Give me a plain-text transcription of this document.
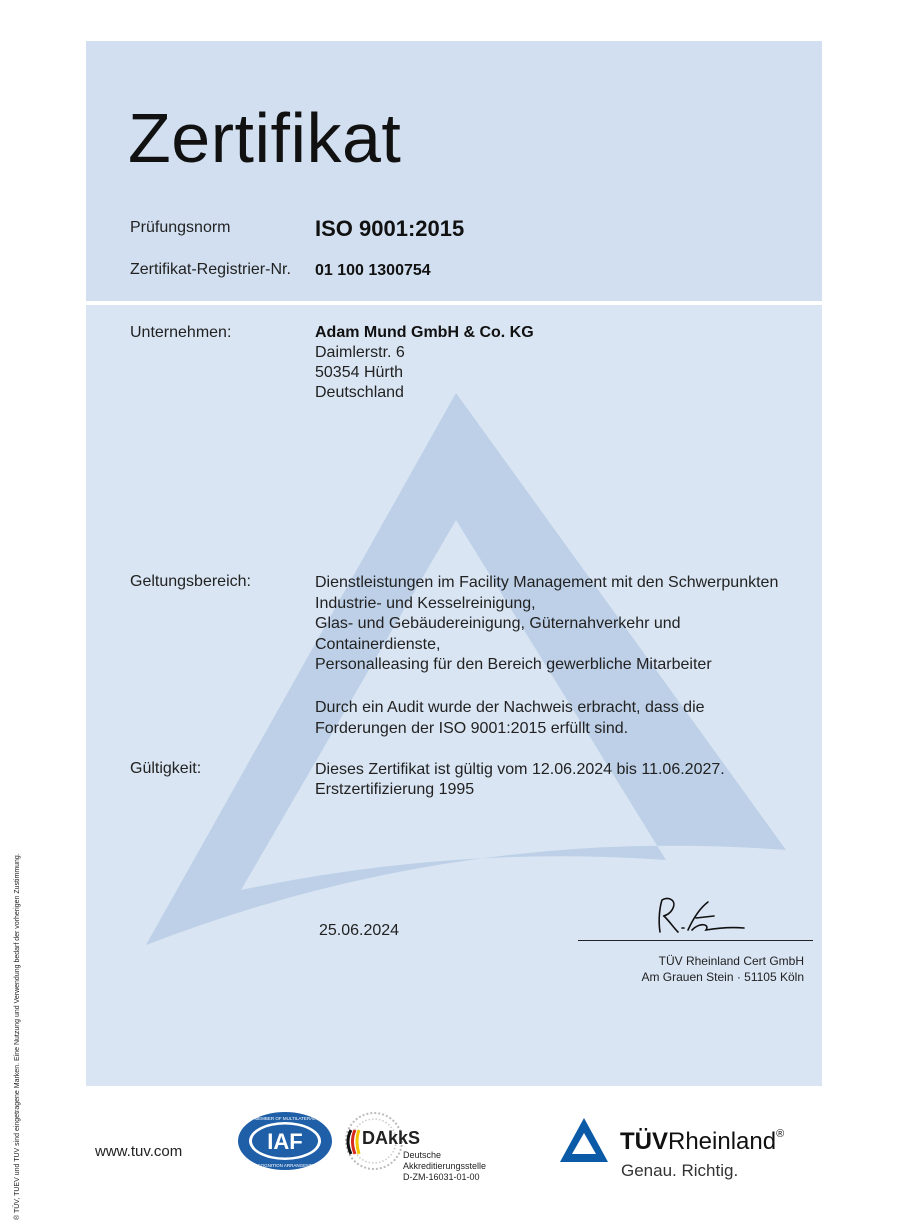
Zertifikat
Prüfungsnorm	ISO 9001:2015
Zertifikat-Registrier-Nr. 01 100 1300754
Unternehmen:	Adam Mund GmbH & Co. KG
Daimlerstr. 6
50354 Hürth
Deutschland
Geltungsbereich:	Dienstleistungen im Facility Management mit den Schwerpunkten
Industrie- und Kesselreinigung,
Glas- und Gebäudereinigung, Güternahverkehr und
Containerdienste,
Personalleasing für den Bereich gewerbliche Mitarbeiter
Durch ein Audit wurde der Nachweis erbracht, dass die
Forderungen der ISO 9001:2015 erfüllt sind.
Gültigkeit:	Dieses Zertifikat ist gültig vom 12.06.2024 bis 11.06.2027.
Erstzertifizierung 1995
25.06.2024
TÜV Rheinland Cert GmbH
Am Grauen Stein · 51105 Köln
® TÜV, TUEV und TUV sind eingetragene Marken. Eine Nutzung und Verwendung bedarf der vorherigen Zustimmung.	www.tuv.com	IAF
MEMBER OF MULTILATERAL
RECOGNITION ARRANGEMENT
DAkkS
Deutsche
Akkreditierungsstelle
D-ZM-16031-01-00
TÜVRheinland®
Genau. Richtig.
